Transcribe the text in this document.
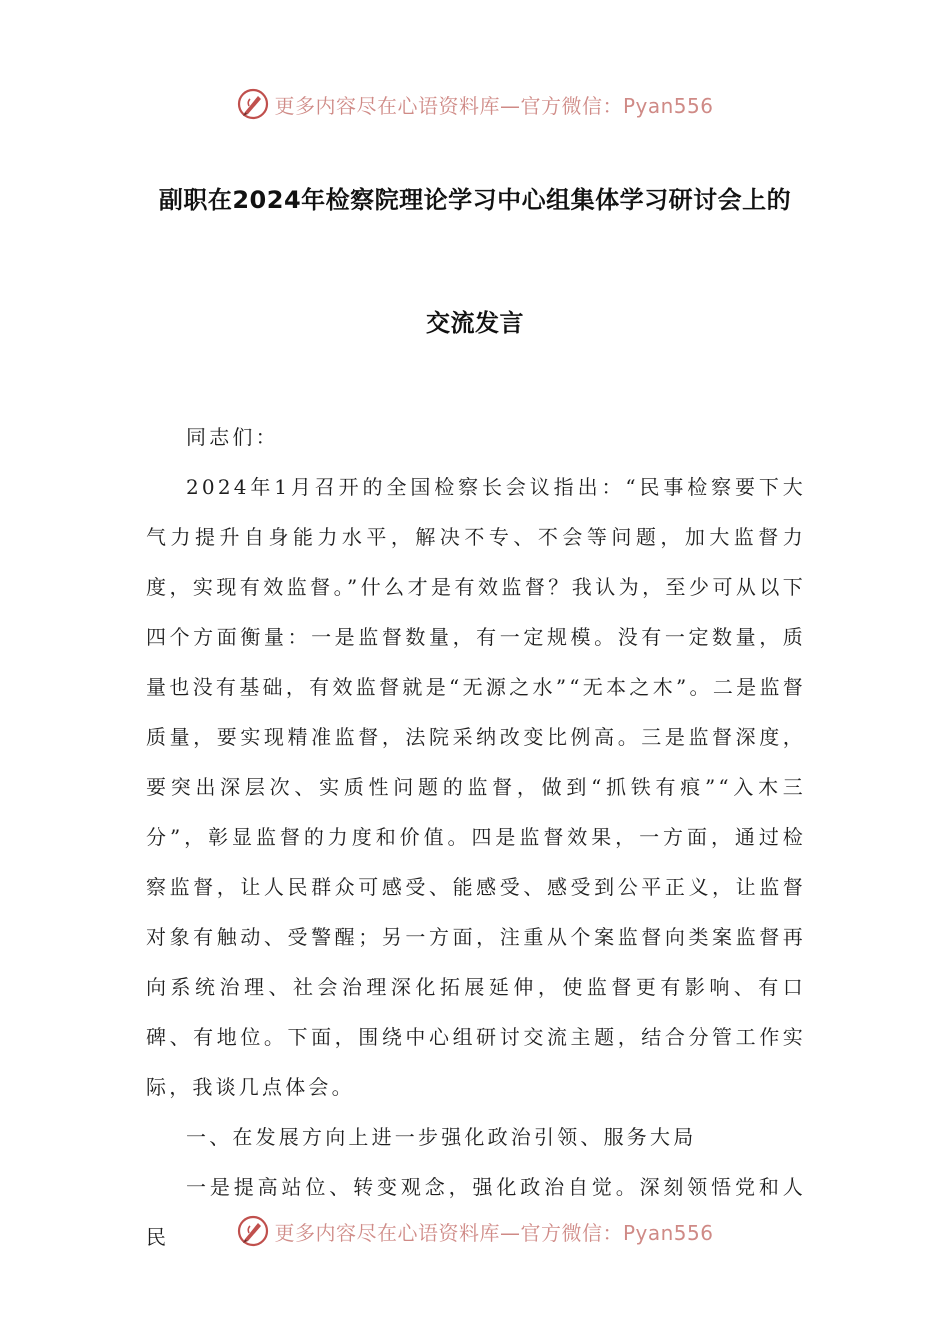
更多内容尽在心语资料库—官方微信：Pyan556
副职在2024年检察院理论学习中心组集体学习研讨会上的
交流发言

同志们：

2024年1月召开的全国检察长会议指出：“民事检察要下大气力提升自身能力水平，解决不专、不会等问题，加大监督力度，实现有效监督。”什么才是有效监督？我认为，至少可从以下四个方面衡量：一是监督数量，有一定规模。没有一定数量，质量也没有基础，有效监督就是“无源之水”“无本之木”。二是监督质量，要实现精准监督，法院采纳改变比例高。三是监督深度，要突出深层次、实质性问题的监督，做到“抓铁有痕”“入木三分”，彰显监督的力度和价值。四是监督效果，一方面，通过检察监督，让人民群众可感受、能感受、感受到公平正义，让监督对象有触动、受警醒；另一方面，注重从个案监督向类案监督再向系统治理、社会治理深化拓展延伸，使监督更有影响、有口碑、有地位。下面，围绕中心组研讨交流主题，结合分管工作实际，我谈几点体会。

一、在发展方向上进一步强化政治引领、服务大局

一是提高站位、转变观念，强化政治自觉。深刻领悟党和人民	更多内容尽在心语资料库—官方微信：Pyan556
